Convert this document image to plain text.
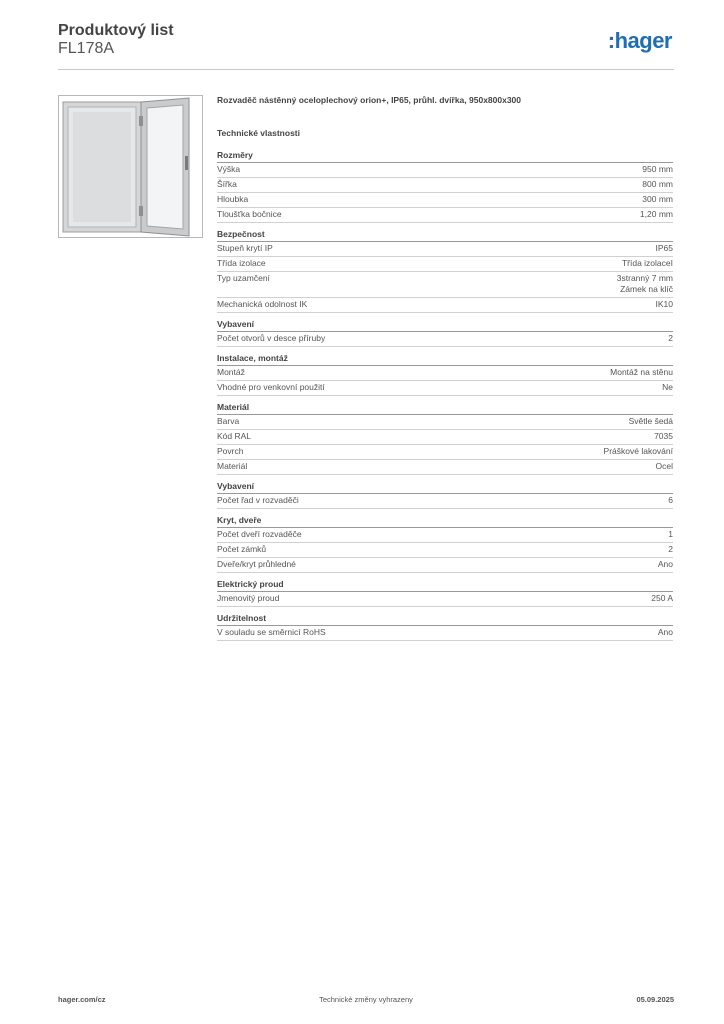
Produktový list
FL178A	:hager
Rozvaděč nástěnný oceloplechový orion+, IP65, průhl. dvířka, 950x800x300
Technické vlastnosti
Rozměry
Výška	950 mm
Šířka	800 mm
Hloubka	300 mm
Tloušťka bočnice	1,20 mm
Bezpečnost
Stupeň krytí IP	IP65
Třída izolace	Třída izolaceI
Typ uzamčení	3stranný 7 mm
Zámek na klíč
Mechanická odolnost IK	IK10
Vybavení
Počet otvorů v desce příruby	2
Instalace, montáž
Montáž	Montáž na stěnu
Vhodné pro venkovní použití	Ne
Materiál
Barva	Světle šedá
Kód RAL	7035
Povrch	Práškové lakování
Materiál	Ocel
Vybavení
Počet řad v rozvaděči	6
Kryt, dveře
Počet dveří rozvaděče	1
Počet zámků	2
Dveře/kryt průhledné	Ano
Elektrický proud
Jmenovitý proud	250 A
Udržitelnost
V souladu se směrnicí RoHS	Ano
hager.com/cz	Technické změny vyhrazeny	05.09.2025
